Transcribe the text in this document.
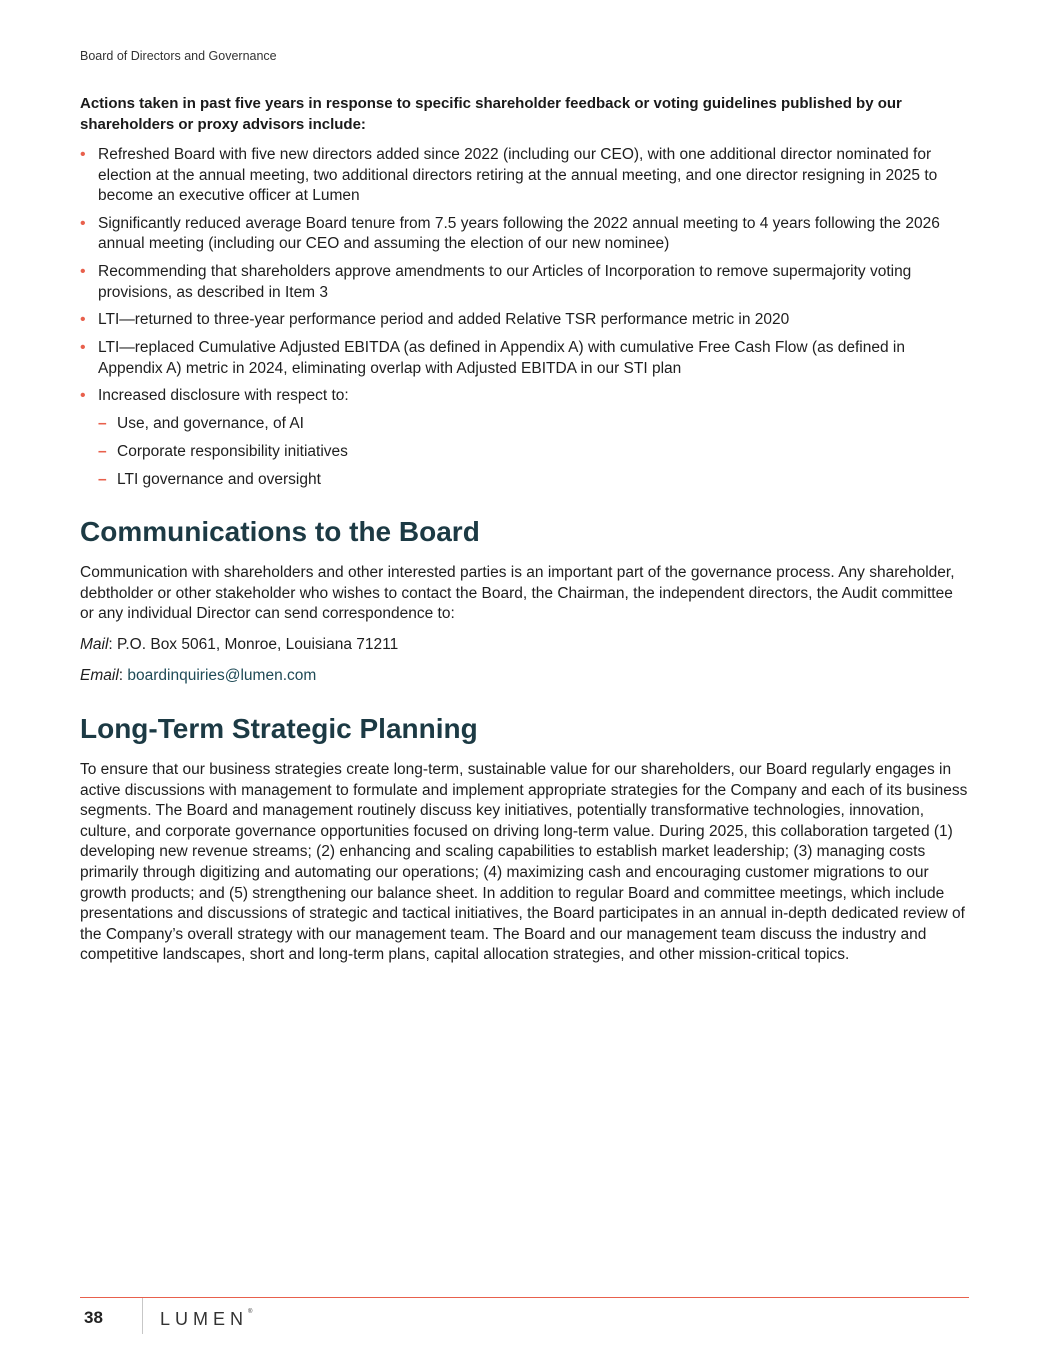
Board of Directors and Governance

Actions taken in past five years in response to specific shareholder feedback or voting guidelines published by our shareholders or proxy advisors include:

• Refreshed Board with five new directors added since 2022 (including our CEO), with one additional director nominated for election at the annual meeting, two additional directors retiring at the annual meeting, and one director resigning in 2025 to become an executive officer at Lumen
• Significantly reduced average Board tenure from 7.5 years following the 2022 annual meeting to 4 years following the 2026 annual meeting (including our CEO and assuming the election of our new nominee)
• Recommending that shareholders approve amendments to our Articles of Incorporation to remove supermajority voting provisions, as described in Item 3
• LTI—returned to three-year performance period and added Relative TSR performance metric in 2020
• LTI—replaced Cumulative Adjusted EBITDA (as defined in Appendix A) with cumulative Free Cash Flow (as defined in Appendix A) metric in 2024, eliminating overlap with Adjusted EBITDA in our STI plan
• Increased disclosure with respect to:
– Use, and governance, of AI
– Corporate responsibility initiatives
– LTI governance and oversight
Communications to the Board

Communication with shareholders and other interested parties is an important part of the governance process. Any shareholder, debtholder or other stakeholder who wishes to contact the Board, the Chairman, the independent directors, the Audit committee or any individual Director can send correspondence to:

Mail: P.O. Box 5061, Monroe, Louisiana 71211

Email: boardinquiries@lumen.com

Long-Term Strategic Planning

To ensure that our business strategies create long-term, sustainable value for our shareholders, our Board regularly engages in active discussions with management to formulate and implement appropriate strategies for the Company and each of its business segments. The Board and management routinely discuss key initiatives, potentially transformative technologies, innovation, culture, and corporate governance opportunities focused on driving long-term value. During 2025, this collaboration targeted (1) developing new revenue streams; (2) enhancing and scaling capabilities to establish market leadership; (3) managing costs primarily through digitizing and automating our operations; (4) maximizing cash and encouraging customer migrations to our growth products; and (5) strengthening our balance sheet. In addition to regular Board and committee meetings, which include presentations and discussions of strategic and tactical initiatives, the Board participates in an annual in-depth dedicated review of the Company’s overall strategy with our management team. The Board and our management team discuss the industry and competitive landscapes, short and long-term plans, capital allocation strategies, and other mission-critical topics.

38	LUMEN®
